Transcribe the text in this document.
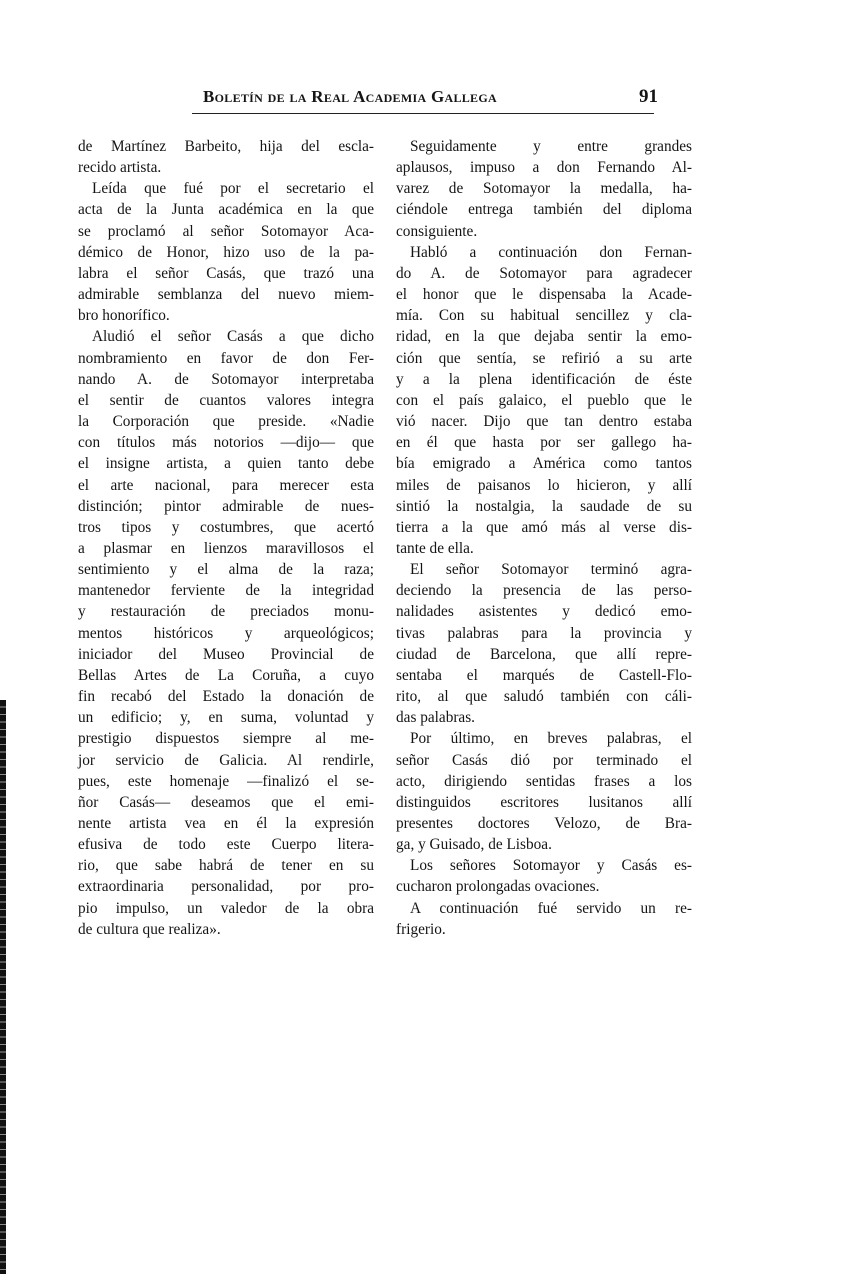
Boletín de la Real Academia Gallega	91
de Martínez Barbeito, hija del escla-
recido artista.
Leída que fué por el secretario el
acta de la Junta académica en la que
se proclamó al señor Sotomayor Aca-
démico de Honor, hizo uso de la pa-
labra el señor Casás, que trazó una
admirable semblanza del nuevo miem-
bro honorífico.
Aludió el señor Casás a que dicho
nombramiento en favor de don Fer-
nando A. de Sotomayor interpretaba
el sentir de cuantos valores integra
la Corporación que preside. «Nadie
con títulos más notorios —dijo— que
el insigne artista, a quien tanto debe
el arte nacional, para merecer esta
distinción; pintor admirable de nues-
tros tipos y costumbres, que acertó
a plasmar en lienzos maravillosos el
sentimiento y el alma de la raza;
mantenedor ferviente de la integridad
y restauración de preciados monu-
mentos históricos y arqueológicos;
iniciador del Museo Provincial de
Bellas Artes de La Coruña, a cuyo
fin recabó del Estado la donación de
un edificio; y, en suma, voluntad y
prestigio dispuestos siempre al me-
jor servicio de Galicia. Al rendirle,
pues, este homenaje —finalizó el se-
ñor Casás— deseamos que el emi-
nente artista vea en él la expresión
efusiva de todo este Cuerpo litera-
rio, que sabe habrá de tener en su
extraordinaria personalidad, por pro-
pio impulso, un valedor de la obra
de cultura que realiza».
Seguidamente y entre grandes
aplausos, impuso a don Fernando Al-
varez de Sotomayor la medalla, ha-
ciéndole entrega también del diploma
consiguiente.
Habló a continuación don Fernan-
do A. de Sotomayor para agradecer
el honor que le dispensaba la Acade-
mía. Con su habitual sencillez y cla-
ridad, en la que dejaba sentir la emo-
ción que sentía, se refirió a su arte
y a la plena identificación de éste
con el país galaico, el pueblo que le
vió nacer. Dijo que tan dentro estaba
en él que hasta por ser gallego ha-
bía emigrado a América como tantos
miles de paisanos lo hicieron, y allí
sintió la nostalgia, la saudade de su
tierra a la que amó más al verse dis-
tante de ella.
El señor Sotomayor terminó agra-
deciendo la presencia de las perso-
nalidades asistentes y dedicó emo-
tivas palabras para la provincia y
ciudad de Barcelona, que allí repre-
sentaba el marqués de Castell-Flo-
rito, al que saludó también con cáli-
das palabras.
Por último, en breves palabras, el
señor Casás dió por terminado el
acto, dirigiendo sentidas frases a los
distinguidos escritores lusitanos allí
presentes doctores Velozo, de Bra-
ga, y Guisado, de Lisboa.
Los señores Sotomayor y Casás es-
cucharon prolongadas ovaciones.
A continuación fué servido un re-
frigerio.
